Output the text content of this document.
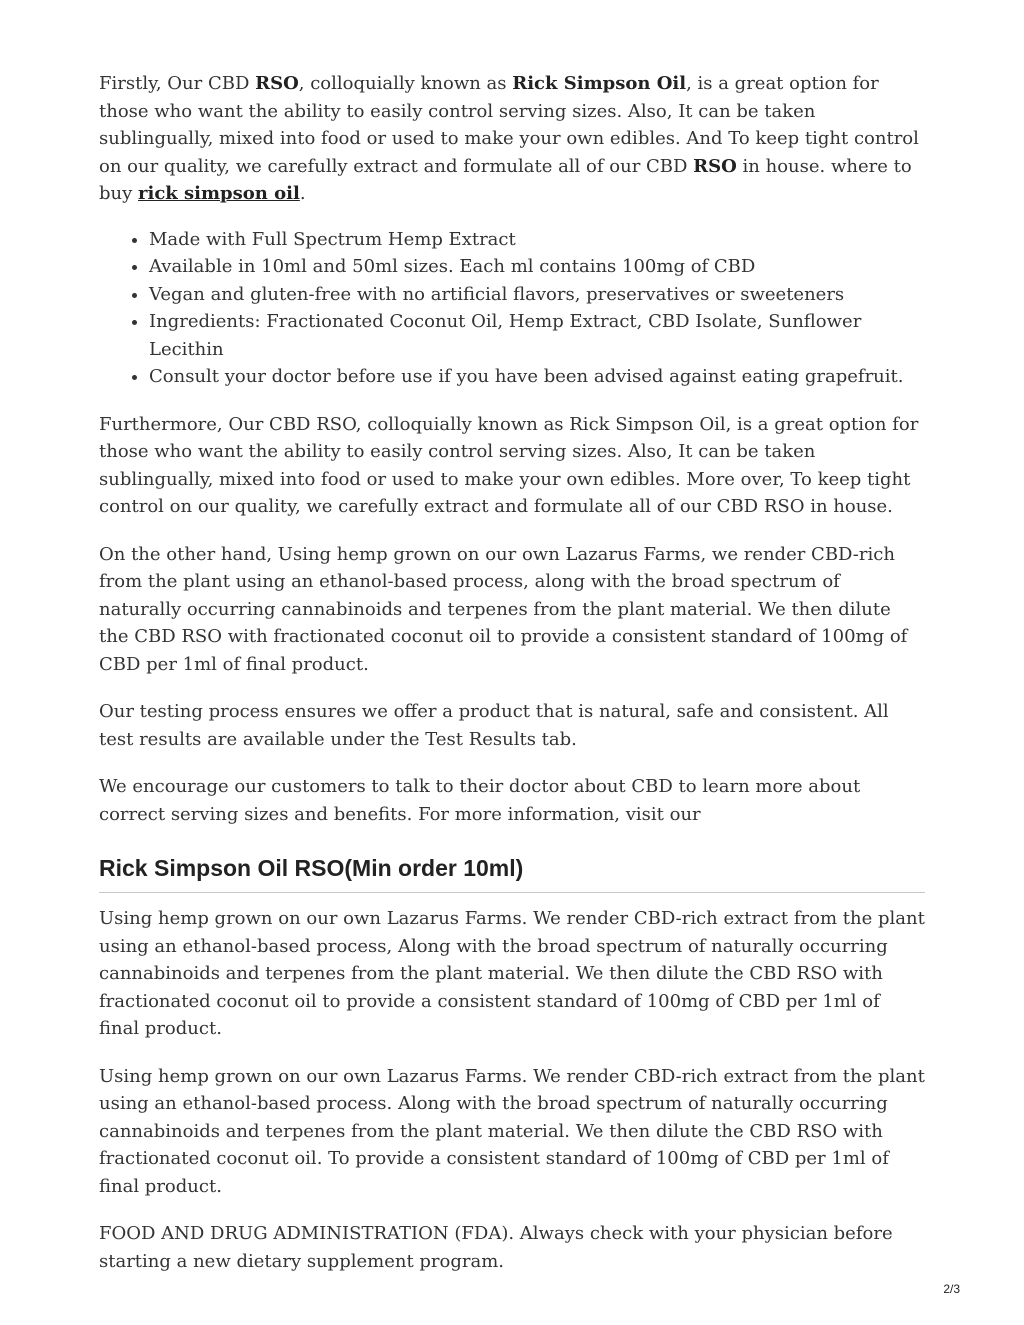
Firstly, Our CBD RSO, colloquially known as Rick Simpson Oil, is a great option for those who want the ability to easily control serving sizes. Also, It can be taken sublingually, mixed into food or used to make your own edibles. And To keep tight control on our quality, we carefully extract and formulate all of our CBD RSO in house. where to buy rick simpson oil.

• Made with Full Spectrum Hemp Extract
• Available in 10ml and 50ml sizes. Each ml contains 100mg of CBD
• Vegan and gluten-free with no artificial flavors, preservatives or sweeteners
• Ingredients: Fractionated Coconut Oil, Hemp Extract, CBD Isolate, Sunflower Lecithin
• Consult your doctor before use if you have been advised against eating grapefruit.

Furthermore, Our CBD RSO, colloquially known as Rick Simpson Oil, is a great option for those who want the ability to easily control serving sizes. Also, It can be taken sublingually, mixed into food or used to make your own edibles. More over, To keep tight control on our quality, we carefully extract and formulate all of our CBD RSO in house.

On the other hand, Using hemp grown on our own Lazarus Farms, we render CBD-rich from the plant using an ethanol-based process, along with the broad spectrum of naturally occurring cannabinoids and terpenes from the plant material. We then dilute the CBD RSO with fractionated coconut oil to provide a consistent standard of 100mg of CBD per 1ml of final product.

Our testing process ensures we offer a product that is natural, safe and consistent. All test results are available under the Test Results tab.

We encourage our customers to talk to their doctor about CBD to learn more about correct serving sizes and benefits. For more information, visit our

Rick Simpson Oil RSO(Min order 10ml)

Using hemp grown on our own Lazarus Farms. We render CBD-rich extract from the plant using an ethanol-based process, Along with the broad spectrum of naturally occurring cannabinoids and terpenes from the plant material. We then dilute the CBD RSO with fractionated coconut oil to provide a consistent standard of 100mg of CBD per 1ml of final product.

Using hemp grown on our own Lazarus Farms. We render CBD-rich extract from the plant using an ethanol-based process. Along with the broad spectrum of naturally occurring cannabinoids and terpenes from the plant material. We then dilute the CBD RSO with fractionated coconut oil. To provide a consistent standard of 100mg of CBD per 1ml of final product.

FOOD AND DRUG ADMINISTRATION (FDA). Always check with your physician before starting a new dietary supplement program.

2/3
